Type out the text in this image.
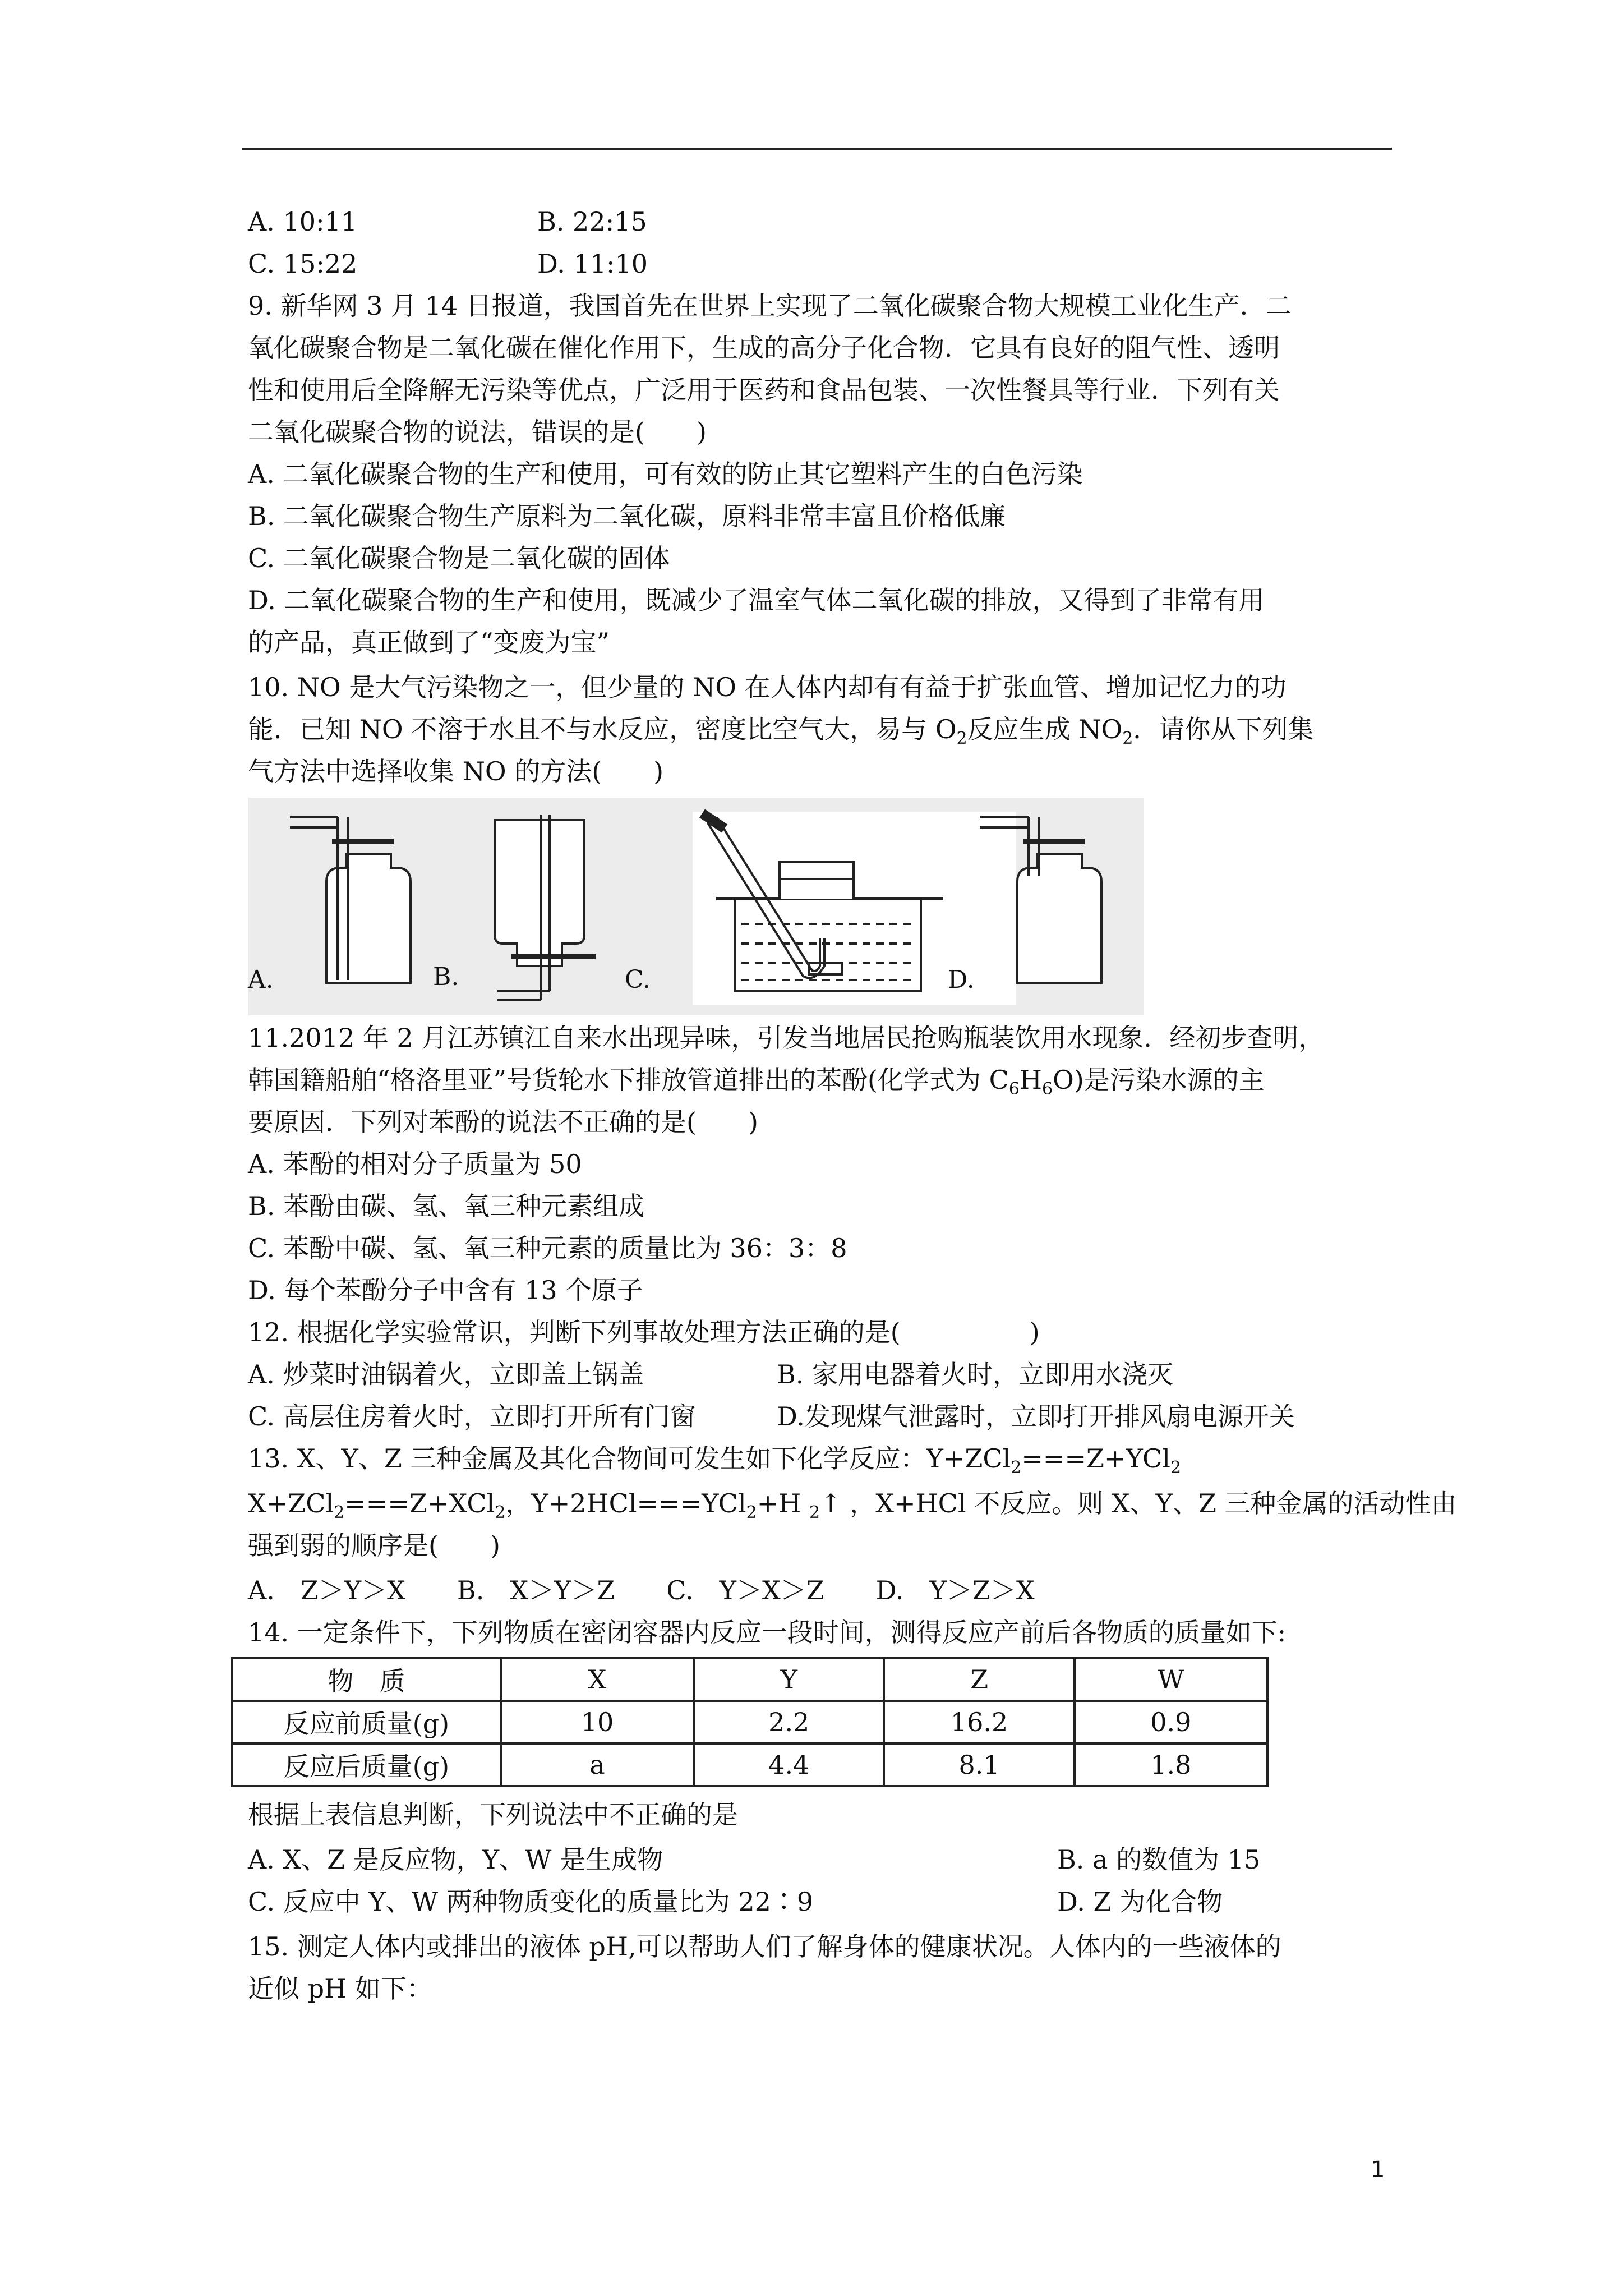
A. 10:11	B. 22:15
C. 15:22	D. 11:10
9. 新华网 3 月 14 日报道，我国首先在世界上实现了二氧化碳聚合物大规模工业化生产．二
氧化碳聚合物是二氧化碳在催化作用下，生成的高分子化合物．它具有良好的阻气性、透明
性和使用后全降解无污染等优点，广泛用于医药和食品包装、一次性餐具等行业．下列有关
二氧化碳聚合物的说法，错误的是(　　)
A. 二氧化碳聚合物的生产和使用，可有效的防止其它塑料产生的白色污染
B. 二氧化碳聚合物生产原料为二氧化碳，原料非常丰富且价格低廉
C. 二氧化碳聚合物是二氧化碳的固体
D. 二氧化碳聚合物的生产和使用，既减少了温室气体二氧化碳的排放，又得到了非常有用
的产品，真正做到了“变废为宝”
10. NO 是大气污染物之一，但少量的 NO 在人体内却有有益于扩张血管、增加记忆力的功
能．已知 NO 不溶于水且不与水反应，密度比空气大，易与 $O_2$反应生成 $NO_2$．请你从下列集
气方法中选择收集 NO 的方法(　　)
A.	B.	C.	D.
11.2012 年 2 月江苏镇江自来水出现异味，引发当地居民抢购瓶装饮用水现象．经初步查明，
韩国籍船舶“格洛里亚”号货轮水下排放管道排出的苯酚(化学式为 $C_6H_6O$)是污染水源的主
要原因．下列对苯酚的说法不正确的是(　　)
A. 苯酚的相对分子质量为 50
B. 苯酚由碳、氢、氧三种元素组成
C. 苯酚中碳、氢、氧三种元素的质量比为 36：3：8
D. 每个苯酚分子中含有 13 个原子
12. 根据化学实验常识，判断下列事故处理方法正确的是(　　　　　)
A. 炒菜时油锅着火，立即盖上锅盖	B. 家用电器着火时，立即用水浇灭
C. 高层住房着火时，立即打开所有门窗	D.发现煤气泄露时，立即打开排风扇电源开关
13. X、Y、Z 三种金属及其化合物间可发生如下化学反应：Y+ZCl$_2$===Z+YCl$_2$
X+ZCl$_2$===Z+XCl$_2$，Y+2HCl===YCl$_2$+H $_2$↑ ，X+HCl 不反应。则 X、Y、Z 三种金属的活动性由
强到弱的顺序是(　　)
A.　Z＞Y＞X　　B.　X＞Y＞Z　　C.　Y＞X＞Z　　D.　Y＞Z＞X
14. 一定条件下，下列物质在密闭容器内反应一段时间，测得反应产前后各物质的质量如下:
物　质	X	Y	Z	W
反应前质量(g)	10	2.2	16.2	0.9
反应后质量(g)	a	4.4	8.1	1.8
根据上表信息判断，下列说法中不正确的是
A. X、Z 是反应物，Y、W 是生成物	B. a 的数值为 15
C. 反应中 Y、W 两种物质变化的质量比为 22∶9	D. Z 为化合物
15. 测定人体内或排出的液体 pH,可以帮助人们了解身体的健康状况。人体内的一些液体的
近似 pH 如下：
1
